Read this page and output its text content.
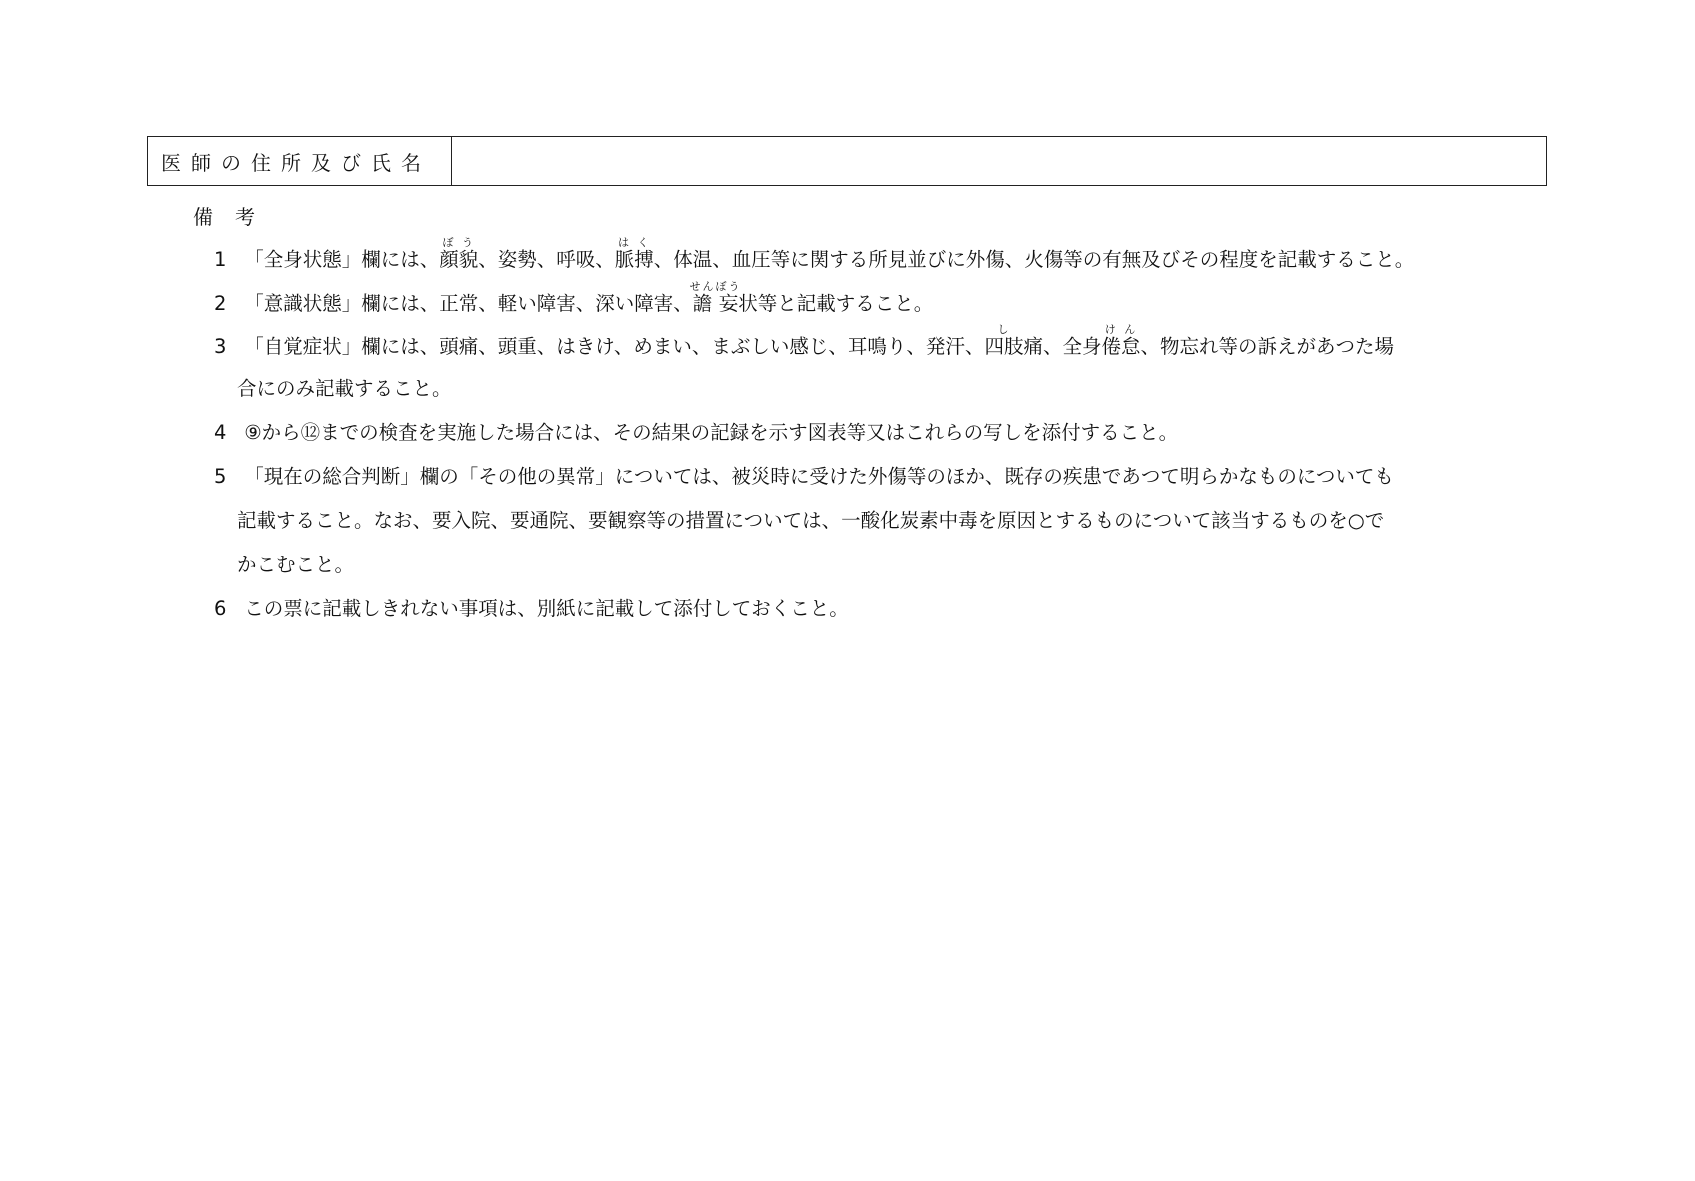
医師の住所及び氏名
備考
1 「全身状態」欄には、顔貌ぼう、姿勢、呼吸、脈搏はく、体温、血圧等に関する所見並びに外傷、火傷等の有無及びその程度を記載すること。
2 「意識状態」欄には、正常、軽い障害、深い障害、譫妄せんぼう状等と記載すること。
3 「自覚症状」欄には、頭痛、頭重、はきけ、めまい、まぶしい感じ、耳鳴り、発汗、四肢し痛、全身倦怠けん、物忘れ等の訴えがあつた場
合にのみ記載すること。
4 ⑨から⑫までの検査を実施した場合には、その結果の記録を示す図表等又はこれらの写しを添付すること。
5 「現在の総合判断」欄の「その他の異常」については、被災時に受けた外傷等のほか、既存の疾患であつて明らかなものについても
記載すること。なお、要入院、要通院、要観察等の措置については、一酸化炭素中毒を原因とするものについて該当するものを○で
かこむこと。
6 この票に記載しきれない事項は、別紙に記載して添付しておくこと。
